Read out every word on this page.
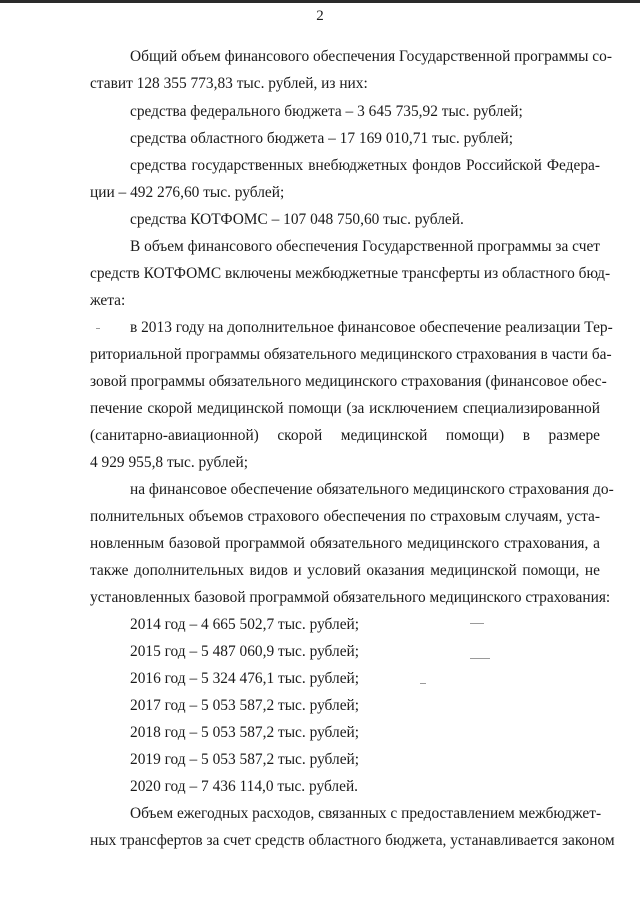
2
Общий объем финансового обеспечения Государственной программы со-
ставит 128 355 773,83 тыс. рублей, из них:
средства федерального бюджета – 3 645 735,92 тыс. рублей;
средства областного бюджета – 17 169 010,71 тыс. рублей;
средства государственных внебюджетных фондов Российской Федера-
ции – 492 276,60 тыс. рублей;
средства КОТФОМС – 107 048 750,60 тыс. рублей.
В объем финансового обеспечения Государственной программы за счет
средств КОТФОМС включены межбюджетные трансферты из областного бюд-
жета:
в 2013 году на дополнительное финансовое обеспечение реализации Тер-
риториальной программы обязательного медицинского страхования в части ба-
зовой программы обязательного медицинского страхования (финансовое обес-
печение скорой медицинской помощи (за исключением специализированной
(санитарно-авиационной) скорой медицинской помощи) в размере
4 929 955,8 тыс. рублей;
на финансовое обеспечение обязательного медицинского страхования до-
полнительных объемов страхового обеспечения по страховым случаям, уста-
новленным базовой программой обязательного медицинского страхования, а
также дополнительных видов и условий оказания медицинской помощи, не
установленных базовой программой обязательного медицинского страхования:
2014 год – 4 665 502,7 тыс. рублей;
2015 год – 5 487 060,9 тыс. рублей;
2016 год – 5 324 476,1 тыс. рублей;
2017 год – 5 053 587,2 тыс. рублей;
2018 год – 5 053 587,2 тыс. рублей;
2019 год – 5 053 587,2 тыс. рублей;
2020 год – 7 436 114,0 тыс. рублей.
Объем ежегодных расходов, связанных с предоставлением межбюджет-
ных трансфертов за счет средств областного бюджета, устанавливается законом
